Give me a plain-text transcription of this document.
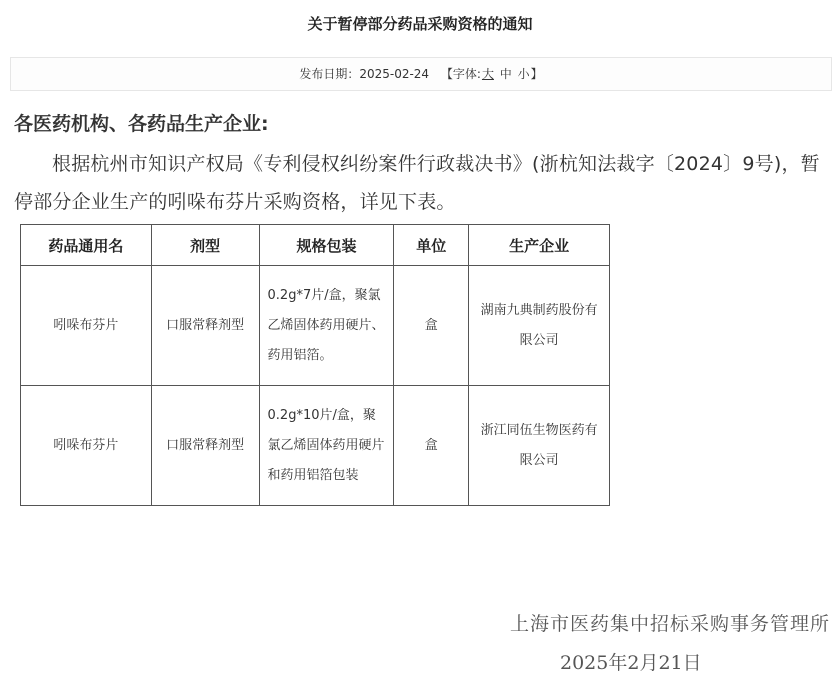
关于暂停部分药品采购资格的通知
发布日期：2025-02-24 【字体:大 中 小】
各医药机构、各药品生产企业:
根据杭州市知识产权局《专利侵权纠纷案件行政裁决书》(浙杭知法裁字〔2024〕9号)，暂停部分企业生产的吲哚布芬片采购资格，详见下表。
药品通用名	剂型	规格包装	单位	生产企业
吲哚布芬片	口服常释剂型	0.2g*7片/盒，聚氯乙烯固体药用硬片、药用铝箔。	盒	湖南九典制药股份有限公司
吲哚布芬片	口服常释剂型	0.2g*10片/盒，聚氯乙烯固体药用硬片和药用铝箔包装	盒	浙江同伍生物医药有限公司
上海市医药集中招标采购事务管理所
2025年2月21日
